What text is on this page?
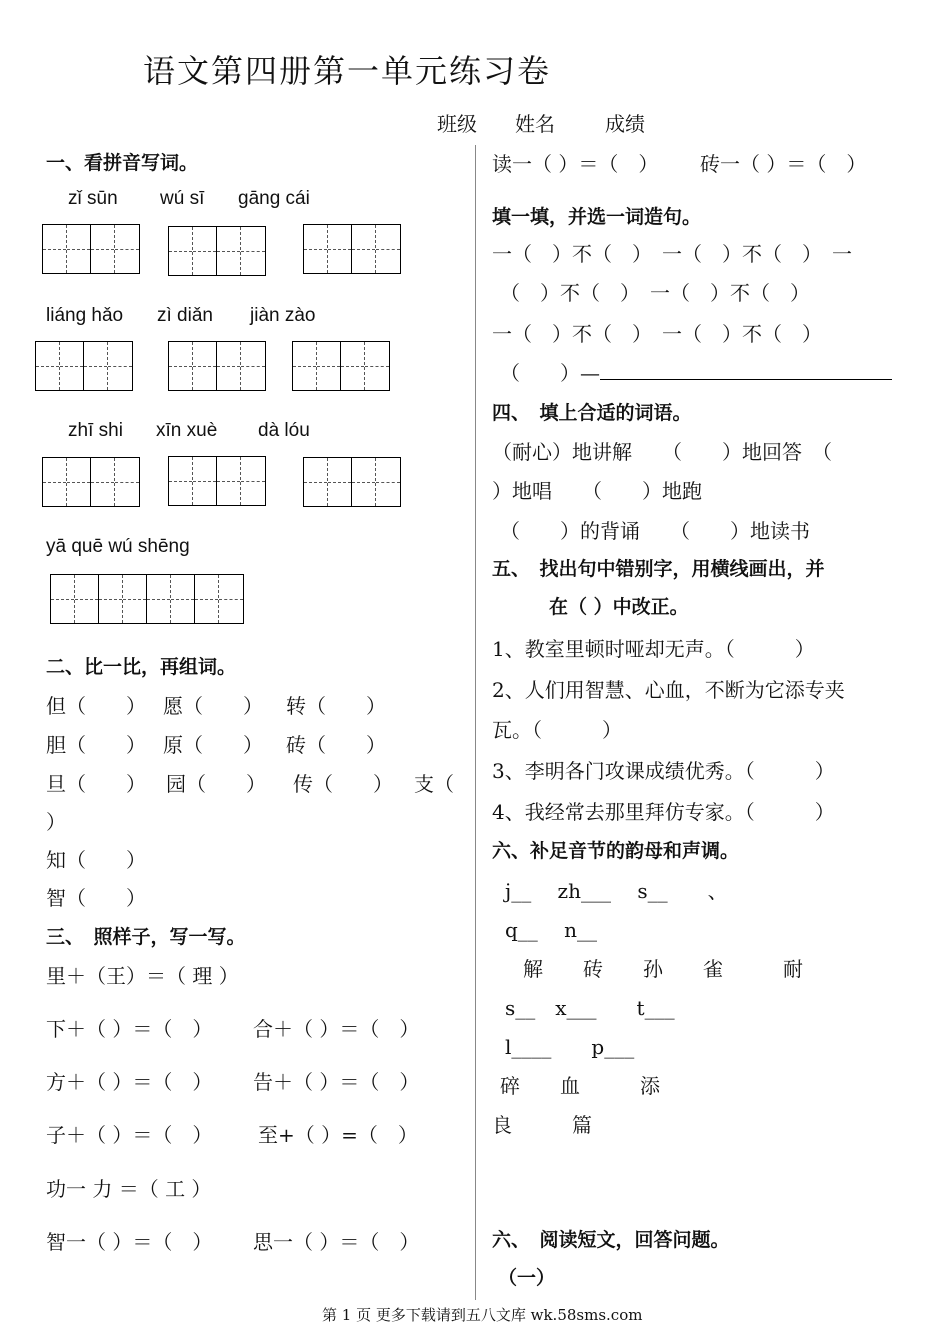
语文第四册第一单元练习卷
班级 姓名	成绩
一、看拼音写词。
zǐ sūn wú sī gāng cái
liáng hǎo zì diǎn jiàn zào
zhī shi xīn xuè dà lóu
yā quē wú shēng
二、比一比，再组词。
但（　　） 愿（　　） 转（　　）
胆（　　） 原（　　） 砖（　　）
旦（　　） 园（　　） 传（　　） 支（
）
知（　　）
智（　　）
三、　照样子，写一写。
里＋（王）＝（ 理 ）
下＋（ ）＝（　） 合＋（ ）＝（　）
方＋（ ）＝（　） 告＋（ ）＝（　）
子＋（ ）＝（　） 至+（ ）=（　）
功一 力 ＝（ 工 ）
智一（ ）＝（　） 思一（ ）＝（　）
读一（ ）＝（　） 砖一（ ）＝（　）
填一填，并选一词造句。
一（　）不（　）　一（　）不（　）　一
（　）不（　）　一（　）不（　）
一（　）不（　）　一（　）不（　）
（　　）—
四、　填上合适的词语。
（耐心）地讲解　　（　　）地回答　（
）地唱　　（　　）地跑
（　　）的背诵　　（　　）地读书
五、　找出句中错别字，用横线画出，并
在（ ）中改正。
1、教室里顿时哑却无声。（　　　）
2、人们用智慧、心血，不断为它添专夹
瓦。（　　　）
3、李明各门攻课成绩优秀。（　　　）
4、我经常去那里拜仿专家。（　　　）
六、补足音节的韵母和声调。
j__　 zh___　 s__　　、
q__　 n__
解　　砖　　孙　　雀　　　耐
s__　x___　　t___
l____　　p___
碎　　血　　　添
良　　　篇
六、　阅读短文，回答问题。
（一）
第 1 页 更多下载请到五八文库 wk.58sms.com
